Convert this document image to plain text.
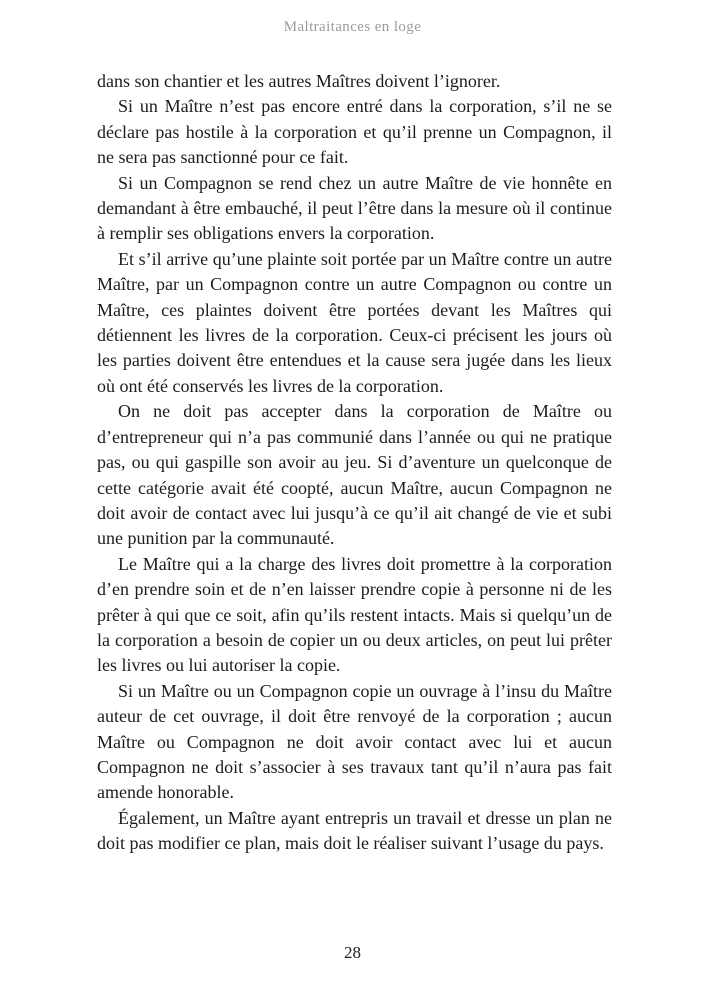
Maltraitances en loge

dans son chantier et les autres Maîtres doivent l’ignorer.

Si un Maître n’est pas encore entré dans la corporation, s’il ne se déclare pas hostile à la corporation et qu’il prenne un Compagnon, il ne sera pas sanctionné pour ce fait.

Si un Compagnon se rend chez un autre Maître de vie honnête en demandant à être embauché, il peut l’être dans la mesure où il continue à remplir ses obligations envers la corporation.

Et s’il arrive qu’une plainte soit portée par un Maître contre un autre Maître, par un Compagnon contre un autre Compagnon ou contre un Maître, ces plaintes doivent être portées devant les Maîtres qui détiennent les livres de la corporation. Ceux-ci précisent les jours où les parties doivent être entendues et la cause sera jugée dans les lieux où ont été conservés les livres de la corporation.

On ne doit pas accepter dans la corporation de Maître ou d’entrepreneur qui n’a pas communié dans l’année ou qui ne pratique pas, ou qui gaspille son avoir au jeu. Si d’aventure un quelconque de cette catégorie avait été coopté, aucun Maître, aucun Compagnon ne doit avoir de contact avec lui jusqu’à ce qu’il ait changé de vie et subi une punition par la communauté.

Le Maître qui a la charge des livres doit promettre à la corporation d’en prendre soin et de n’en laisser prendre copie à personne ni de les prêter à qui que ce soit, afin qu’ils restent intacts. Mais si quelqu’un de la corporation a besoin de copier un ou deux articles, on peut lui prêter les livres ou lui autoriser la copie.

Si un Maître ou un Compagnon copie un ouvrage à l’insu du Maître auteur de cet ouvrage, il doit être renvoyé de la corporation ; aucun Maître ou Compagnon ne doit avoir contact avec lui et aucun Compagnon ne doit s’associer à ses travaux tant qu’il n’aura pas fait amende honorable.

Également, un Maître ayant entrepris un travail et dresse un plan ne doit pas modifier ce plan, mais doit le réaliser suivant l’usage du pays.

28
